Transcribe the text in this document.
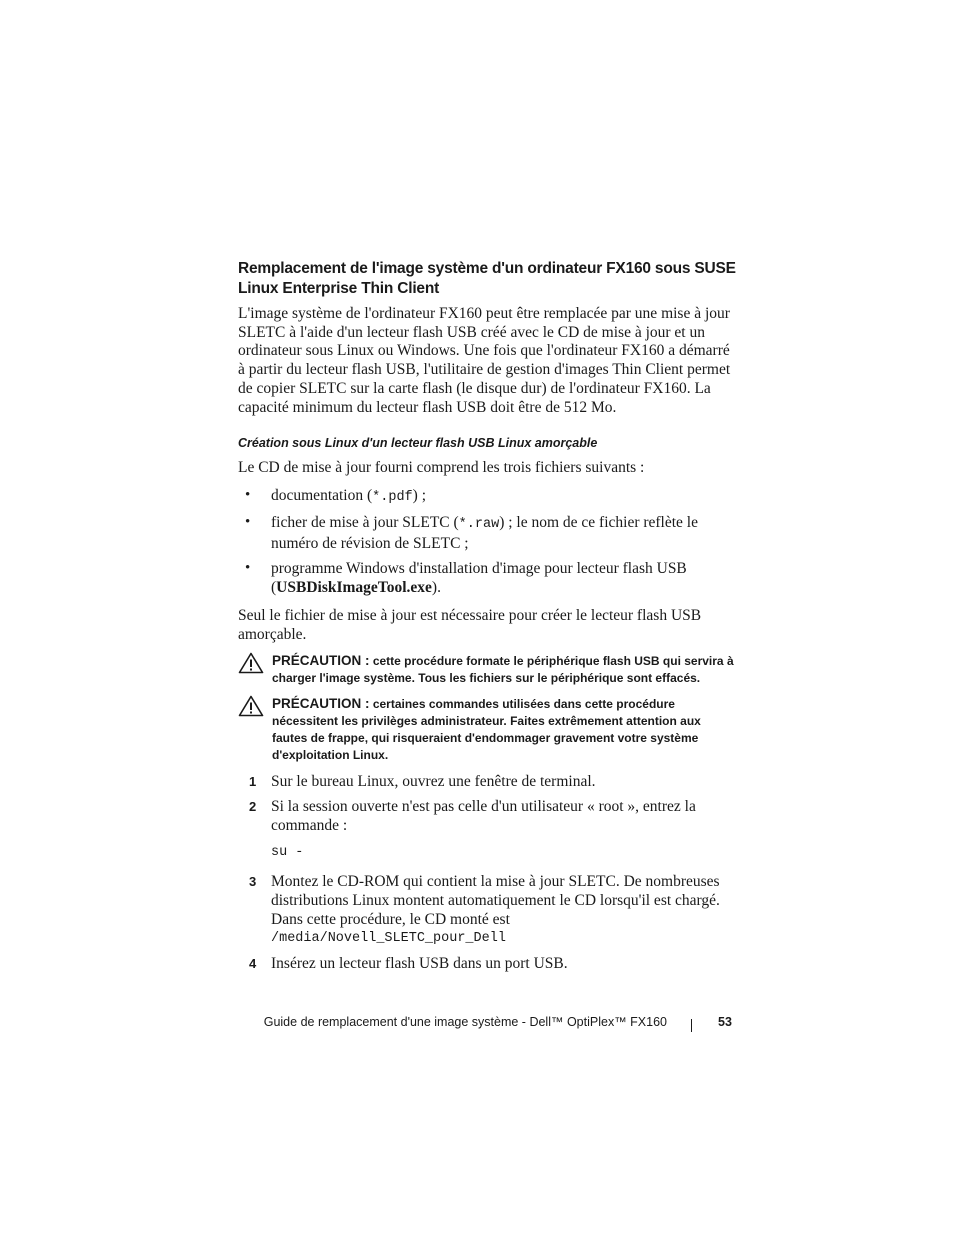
Remplacement de l'image système d'un ordinateur FX160 sous SUSE Linux Enterprise Thin Client

L'image système de l'ordinateur FX160 peut être remplacée par une mise à jour SLETC à l'aide d'un lecteur flash USB créé avec le CD de mise à jour et un ordinateur sous Linux ou Windows. Une fois que l'ordinateur FX160 a démarré à partir du lecteur flash USB, l'utilitaire de gestion d'images Thin Client permet de copier SLETC sur la carte flash (le disque dur) de l'ordinateur FX160. La capacité minimum du lecteur flash USB doit être de 512 Mo.

Création sous Linux d'un lecteur flash USB Linux amorçable

Le CD de mise à jour fourni comprend les trois fichiers suivants :

• documentation (*.pdf) ;
• ficher de mise à jour SLETC (*.raw) ; le nom de ce fichier reflète le numéro de révision de SLETC ;
• programme Windows d'installation d'image pour lecteur flash USB (USBDiskImageTool.exe).

Seul le fichier de mise à jour est nécessaire pour créer le lecteur flash USB amorçable.

PRÉCAUTION : cette procédure formate le périphérique flash USB qui servira à charger l'image système. Tous les fichiers sur le périphérique sont effacés.
PRÉCAUTION : certaines commandes utilisées dans cette procédure nécessitent les privilèges administrateur. Faites extrêmement attention aux fautes de frappe, qui risqueraient d'endommager gravement votre système d'exploitation Linux.
1 Sur le bureau Linux, ouvrez une fenêtre de terminal.
2 Si la session ouverte n'est pas celle d'un utilisateur « root », entrez la commande :
su -
3 Montez le CD-ROM qui contient la mise à jour SLETC. De nombreuses distributions Linux montent automatiquement le CD lorsqu'il est chargé. Dans cette procédure, le CD monté est
/media/Novell_SLETC_pour_Dell
4 Insérez un lecteur flash USB dans un port USB.
Guide de remplacement d'une image système - Dell™ OptiPlex™ FX160	53
